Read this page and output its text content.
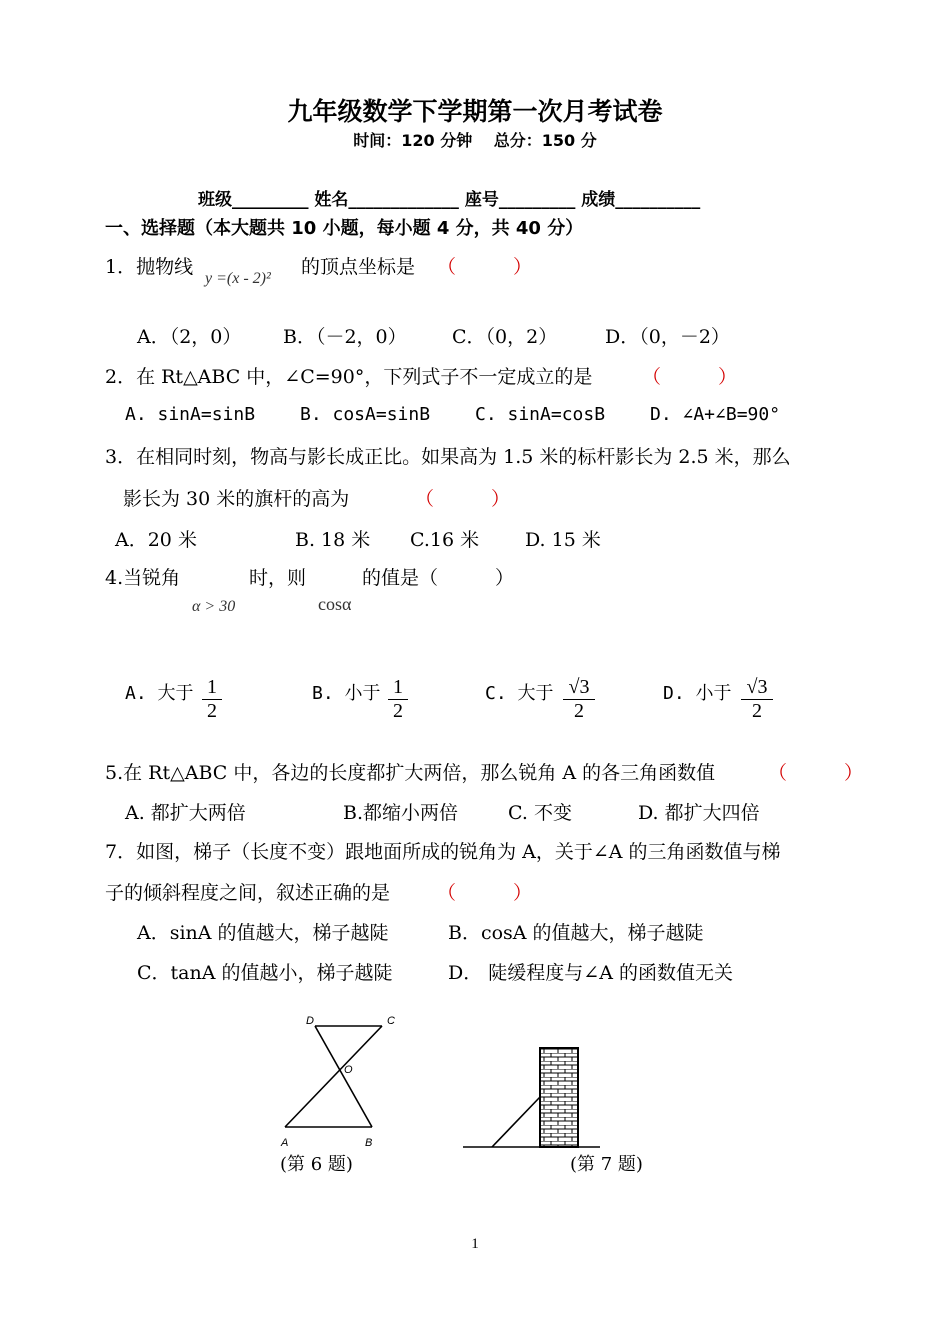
九年级数学下学期第一次月考试卷
时间：120 分钟　 总分：150 分
班级_________ 姓名_____________ 座号_________ 成绩__________
一、选择题（本大题共 10 小题，每小题 4 分，共 40 分）
1．抛物线
y =(x - 2)²
的顶点坐标是 （　　　）
A．（2，0） B．（－2，0） C．（0，2）	D．（0，－2）
2．在 Rt△ABC 中，∠C=90°，下列式子不一定成立的是	（　　　）
A. sinA=sinB B. cosA=sinB C. sinA=cosB D. ∠A+∠B=90°
3．在相同时刻，物高与影长成正比。如果高为 1.5 米的标杆影长为 2.5 米，那么
影长为 30 米的旗杆的高为	（　　　）
A．20 米	B. 18 米 C.16 米 D. 15 米
4.当锐角	时，则	的值是（　　　）
α > 30	cosα
A. 大于 $\frac{1}{2}$	B. 小于 $\frac{1}{2}$	C. 大于 $\frac{√3}{2}$	D. 小于 $\frac{√3}{2}$
5.在 Rt△ABC 中，各边的长度都扩大两倍，那么锐角 A 的各三角函数值	（　　　）
A. 都扩大两倍	B.都缩小两倍	C. 不变	D. 都扩大四倍
7．如图，梯子（长度不变）跟地面所成的锐角为 A，关于∠A 的三角函数值与梯
子的倾斜程度之间，叙述正确的是 （　　　）
A．sinA 的值越大，梯子越陡	B．cosA 的值越大，梯子越陡
C．tanA 的值越小，梯子越陡	D． 陡缓程度与∠A 的函数值无关
D	C
O
A	B
(第 6 题)	(第 7 题)
1
